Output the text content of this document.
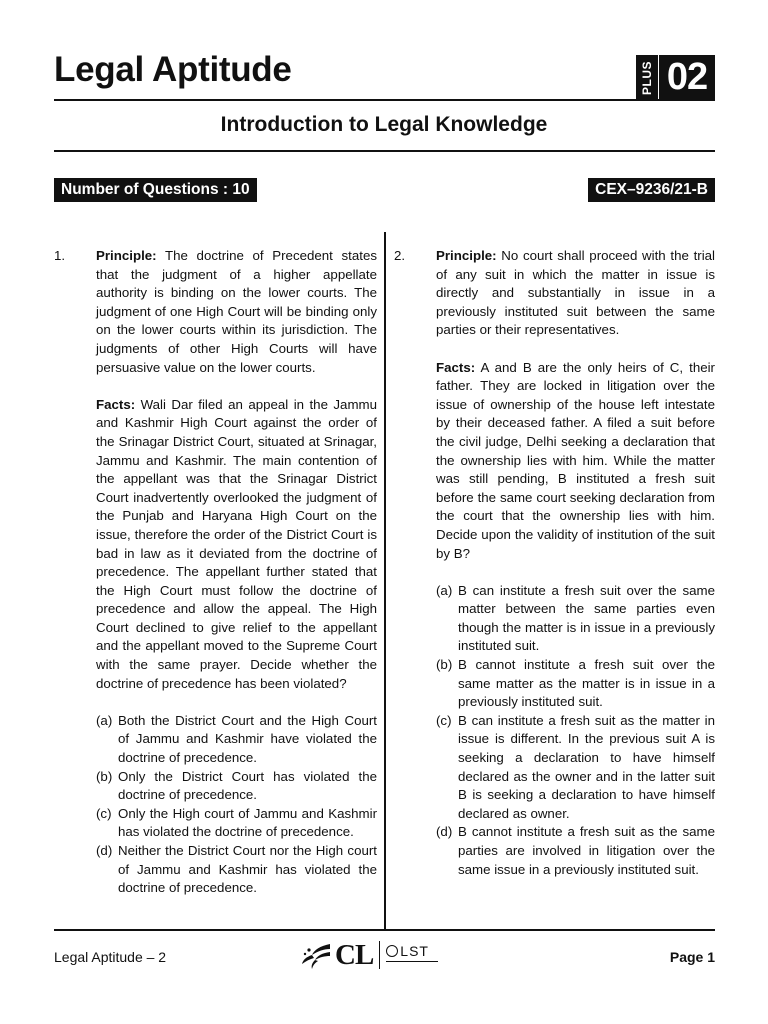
Legal Aptitude	PLUS 02
Introduction to Legal Knowledge
Number of Questions : 10	CEX–9236/21-B
1. Principle: The doctrine of Precedent states that the judgment of a higher appellate authority is binding on the lower courts. The judgment of one High Court will be binding only on the lower courts within its jurisdiction. The judgments of other High Courts will have persuasive value on the lower courts.

Facts: Wali Dar filed an appeal in the Jammu and Kashmir High Court against the order of the Srinagar District Court, situated at Srinagar, Jammu and Kashmir. The main contention of the appellant was that the Srinagar District Court inadvertently overlooked the judgment of the Punjab and Haryana High Court on the issue, therefore the order of the District Court is bad in law as it deviated from the doctrine of precedence. The appellant further stated that the High Court must follow the doctrine of precedence and allow the appeal. The High Court declined to give relief to the appellant and the appellant moved to the Supreme Court with the same prayer. Decide whether the doctrine of precedence has been violated?

(a) Both the District Court and the High Court of Jammu and Kashmir have violated the doctrine of precedence.
(b) Only the District Court has violated the doctrine of precedence.
(c) Only the High court of Jammu and Kashmir has violated the doctrine of precedence.
(d) Neither the District Court nor the High court of Jammu and Kashmir has violated the doctrine of precedence.
2. Principle: No court shall proceed with the trial of any suit in which the matter in issue is directly and substantially in issue in a previously instituted suit between the same parties or their representatives.

Facts: A and B are the only heirs of C, their father. They are locked in litigation over the issue of ownership of the house left intestate by their deceased father. A filed a suit before the civil judge, Delhi seeking a declaration that the ownership lies with him. While the matter was still pending, B instituted a fresh suit before the same court seeking declaration from the court that the ownership lies with him. Decide upon the validity of institution of the suit by B?

(a) B can institute a fresh suit over the same matter between the same parties even though the matter is in issue in a previously instituted suit.
(b) B cannot institute a fresh suit over the same matter as the matter is in issue in a previously instituted suit.
(c) B can institute a fresh suit as the matter in issue is different. In the previous suit A is seeking a declaration to have himself declared as the owner and in the latter suit B is seeking a declaration to have himself declared as owner.
(d) B cannot institute a fresh suit as the same parties are involved in litigation over the same issue in a previously instituted suit.
Legal Aptitude – 2	CL LST	Page 1
